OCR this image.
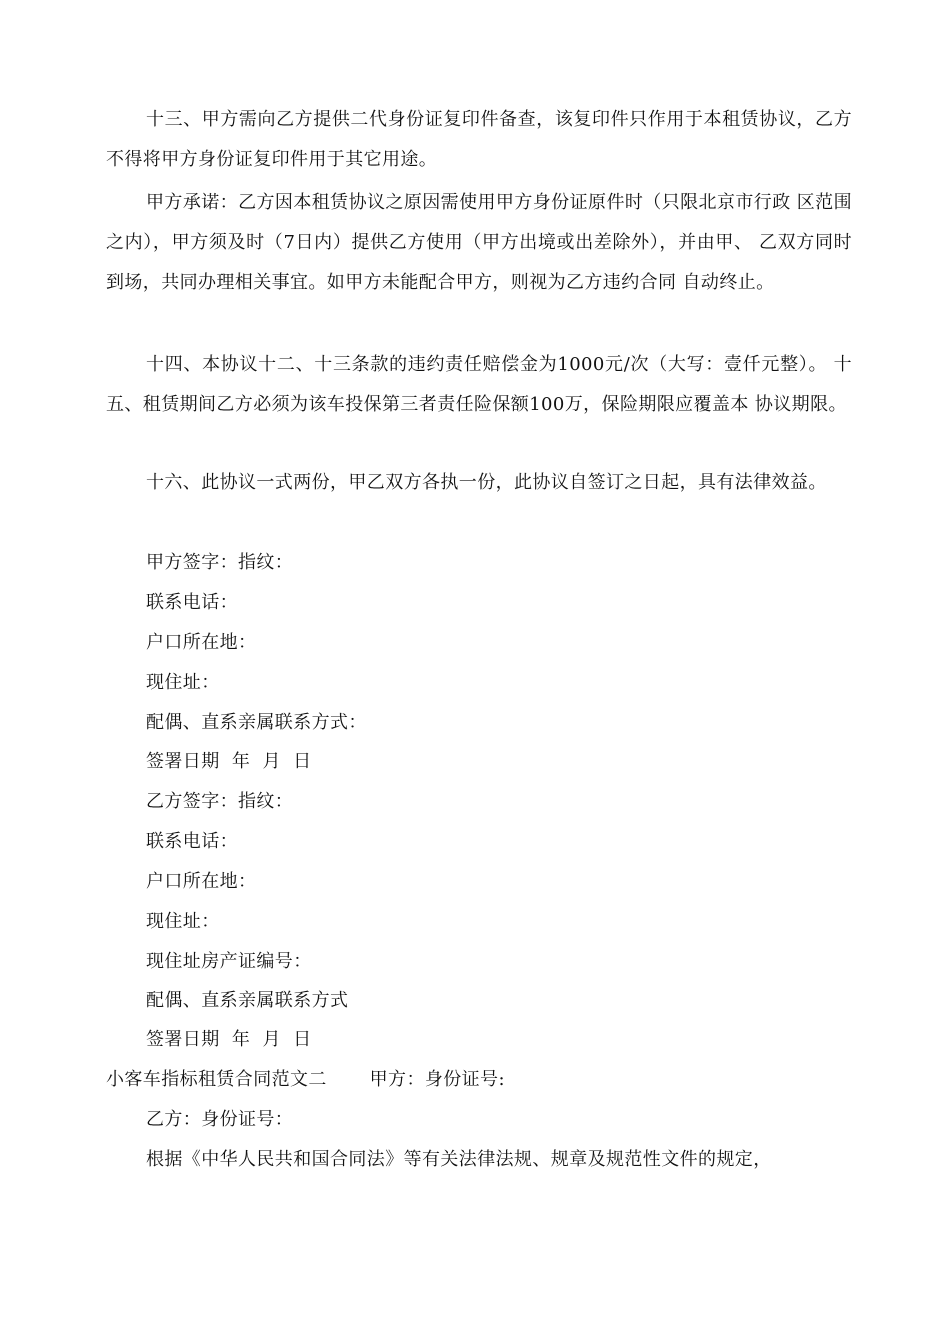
十三、甲方需向乙方提供二代身份证复印件备查，该复印件只作用于本租赁协议，乙方不得将甲方身份证复印件用于其它用途。

甲方承诺：乙方因本租赁协议之原因需使用甲方身份证原件时（只限北京市行政 区范围之内），甲方须及时（7日内）提供乙方使用（甲方出境或出差除外），并由甲、 乙双方同时到场，共同办理相关事宜。如甲方未能配合甲方，则视为乙方违约合同 自动终止。

十四、本协议十二、十三条款的违约责任赔偿金为1000元/次（大写：壹仟元整）。 十五、租赁期间乙方必须为该车投保第三者责任险保额100万，保险期限应覆盖本 协议期限。

十六、此协议一式两份，甲乙双方各执一份，此协议自签订之日起，具有法律效益。

甲方签字：指纹：

联系电话：

户口所在地：

现住址：

配偶、直系亲属联系方式：

签署日期  年  月  日

乙方签字：指纹：

联系电话：

户口所在地：

现住址：

现住址房产证编号：

配偶、直系亲属联系方式

签署日期  年  月  日

小客车指标租赁合同范文二       甲方：身份证号:

乙方：身份证号：

根据《中华人民共和国合同法》等有关法律法规、规章及规范性文件的规定，
